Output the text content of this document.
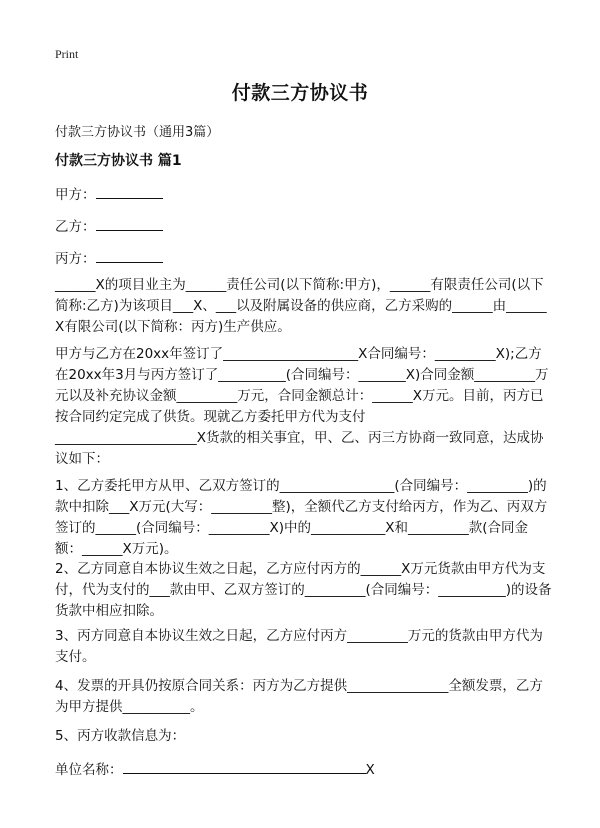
Print
付款三方协议书
付款三方协议书（通用3篇）
付款三方协议书 篇1
甲方：
乙方：
丙方：
______X的项目业主为______责任公司(以下简称:甲方)，______有限责任公司(以下简称:乙方)为该项目___X、___以及附属设备的供应商，乙方采购的______由______X有限公司(以下简称：丙方)生产供应。
甲方与乙方在20xx年签订了____________________X合同编号：_________X);乙方在20xx年3月与丙方签订了__________(合同编号：_______X)合同金额_________万元以及补充协议金额_________万元，合同金额总计：______X万元。目前，丙方已按合同约定完成了供货。现就乙方委托甲方代为支付
_____________________X货款的相关事宜，甲、乙、丙三方协商一致同意，达成协议如下：
1、乙方委托甲方从甲、乙双方签订的_________________(合同编号：_________)的款中扣除___X万元(大写：_________整)，全额代乙方支付给丙方，作为乙、丙双方签订的______(合同编号：_________X)中的___________X和_________款(合同金额：______X万元)。
2、乙方同意自本协议生效之日起，乙方应付丙方的______X万元货款由甲方代为支付，代为支付的___款由甲、乙双方签订的_________(合同编号：__________)的设备货款中相应扣除。
3、丙方同意自本协议生效之日起，乙方应付丙方_________万元的货款由甲方代为支付。
4、发票的开具仍按原合同关系：丙方为乙方提供_______________全额发票，乙方为甲方提供__________。
5、丙方收款信息为：
单位名称：	X
